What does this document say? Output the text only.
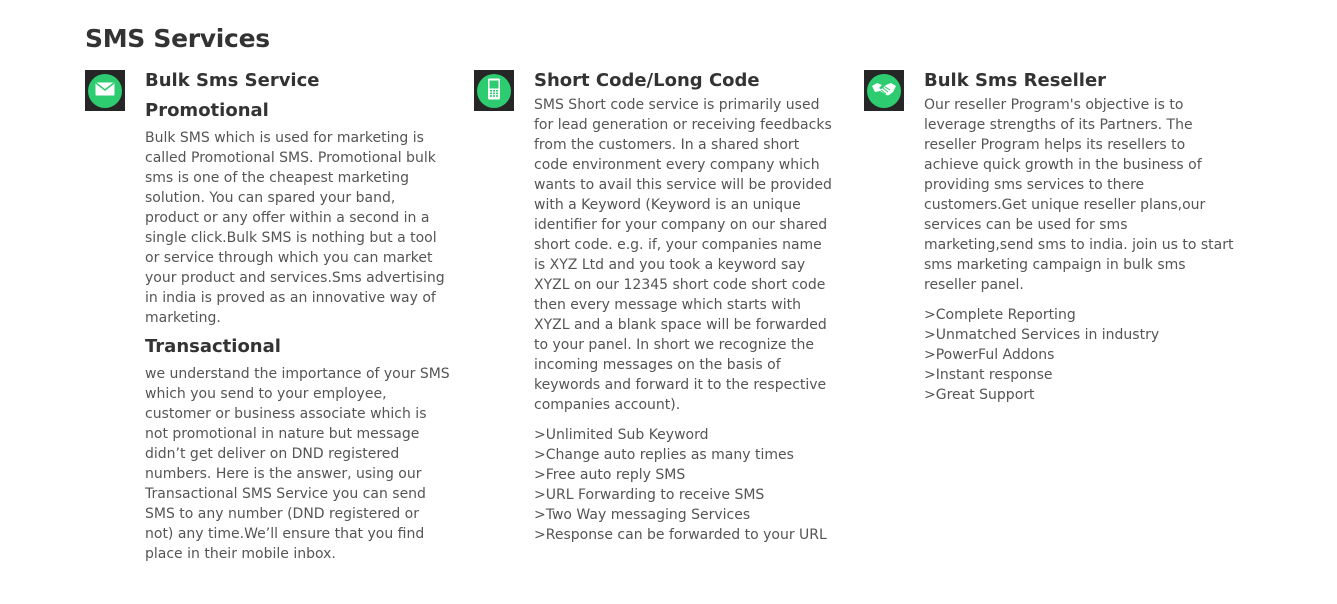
SMS Services
Bulk Sms Service
Promotional

Bulk SMS which is used for marketing is called Promotional SMS. Promotional bulk sms is one of the cheapest marketing solution. You can spared your band, product or any offer within a second in a single click.Bulk SMS is nothing but a tool or service through which you can market your product and services.Sms advertising in india is proved as an innovative way of marketing.

Transactional

we understand the importance of your SMS which you send to your employee, customer or business associate which is not promotional in nature but message didn’t get deliver on DND registered numbers. Here is the answer, using our Transactional SMS Service you can send SMS to any number (DND registered or not) any time.We’ll ensure that you find place in their mobile inbox.

Short Code/Long Code

SMS Short code service is primarily used for lead generation or receiving feedbacks from the customers. In a shared short code environment every company which wants to avail this service will be provided with a Keyword (Keyword is an unique identifier for your company on our shared short code. e.g. if, your companies name is XYZ Ltd and you took a keyword say XYZL on our 12345 short code short code then every message which starts with XYZL and a blank space will be forwarded to your panel. In short we recognize the incoming messages on the basis of keywords and forward it to the respective companies account).

>Unlimited Sub Keyword
>Change auto replies as many times
>Free auto reply SMS
>URL Forwarding to receive SMS
>Two Way messaging Services
>Response can be forwarded to your URL
Bulk Sms Reseller

Our reseller Program's objective is to leverage strengths of its Partners. The reseller Program helps its resellers to achieve quick growth in the business of providing sms services to there customers.Get unique reseller plans,our services can be used for sms marketing,send sms to india. join us to start sms marketing campaign in bulk sms reseller panel.

>Complete Reporting
>Unmatched Services in industry
>PowerFul Addons
>Instant response
>Great Support
